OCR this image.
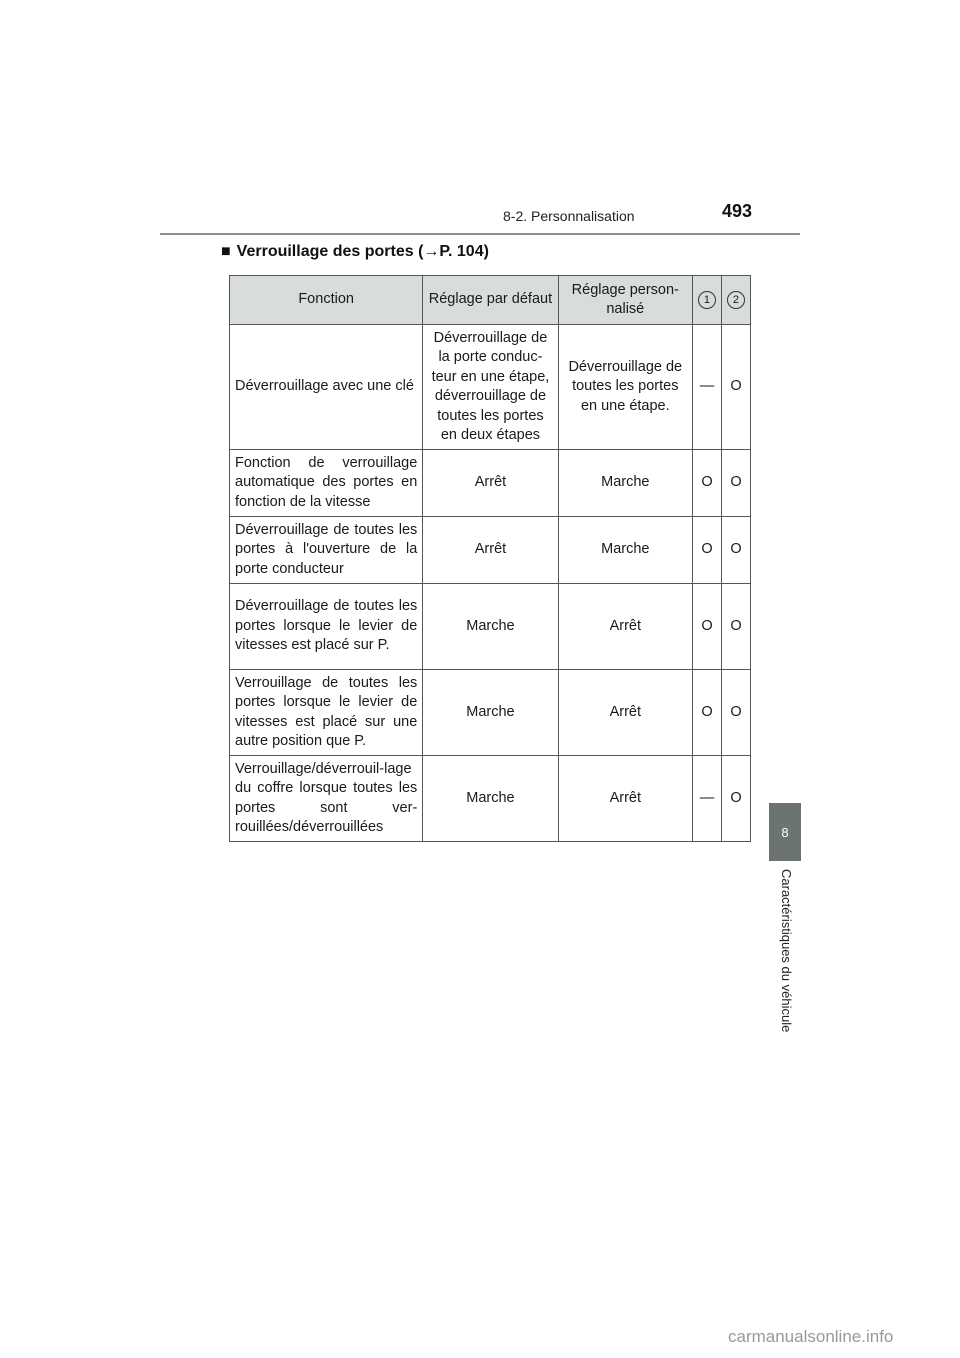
8-2. Personnalisation	493
■ Verrouillage des portes (→P. 104)
Fonction	Réglage par défaut	Réglage person-nalisé	1	2
Déverrouillage avec une clé	Déverrouillage de la porte conduc-teur en une étape, déverrouillage de toutes les portes en deux étapes	Déverrouillage de toutes les portes en une étape.	—	O
Fonction de verrouillage automatique des portes en fonction de la vitesse	Arrêt	Marche	O	O
Déverrouillage de toutes les portes à l'ouverture de la porte conducteur	Arrêt	Marche	O	O
Déverrouillage de toutes les portes lorsque le levier de vitesses est placé sur P.	Marche	Arrêt	O	O
Verrouillage de toutes les portes lorsque le levier de vitesses est placé sur une autre position que P.	Marche	Arrêt	O	O
Verrouillage/déverrouil-lage du coffre lorsque toutes les portes sont ver-rouillées/déverrouillées	Marche	Arrêt	—	O
8
Caractéristiques du véhicule
carmanualsonline.info
